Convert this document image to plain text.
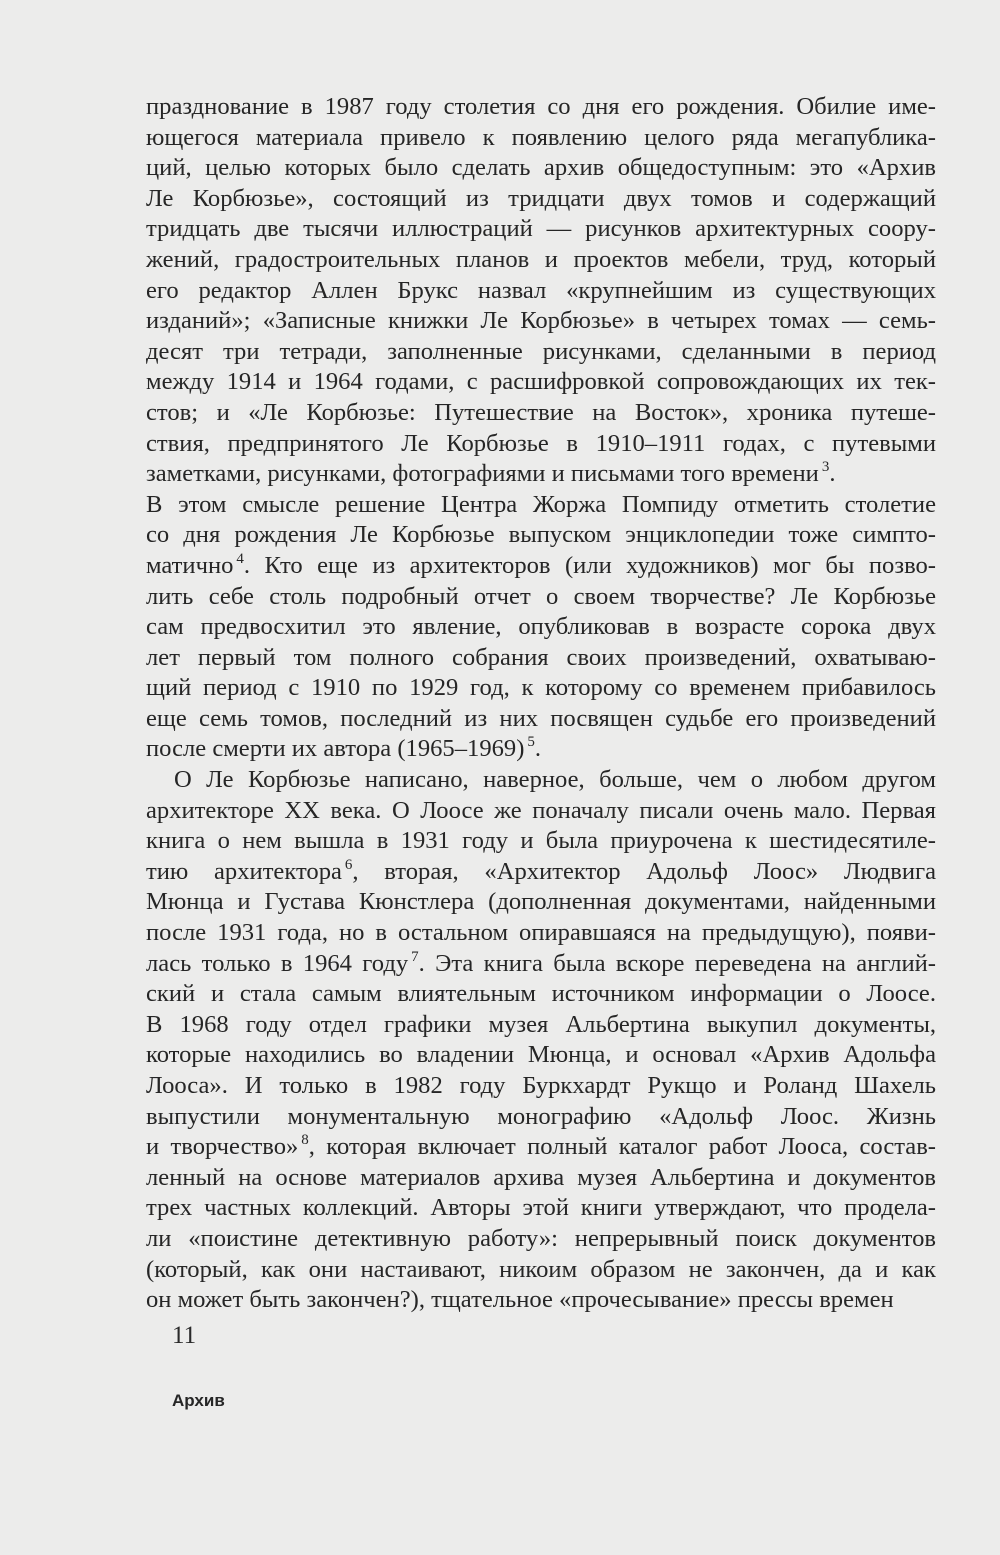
празднование в 1987 году столетия со дня его рождения. Обилие име-
ющегося материала привело к появлению целого ряда мегапублика-
ций, целью которых было сделать архив общедоступным: это «Архив
Ле Корбюзье», состоящий из тридцати двух томов и содержащий
тридцать две тысячи иллюстраций — рисунков архитектурных соору-
жений, градостроительных планов и проектов мебели, труд, который
его редактор Аллен Брукс назвал «крупнейшим из существующих
изданий»; «Записные книжки Ле Корбюзье» в четырех томах — семь-
десят три тетради, заполненные рисунками, сделанными в период
между 1914 и 1964 годами, с расшифровкой сопровождающих их тек-
стов; и «Ле Корбюзье: Путешествие на Восток», хроника путеше-
ствия, предпринятого Ле Корбюзье в 1910–1911 годах, с путевыми
заметками, рисунками, фотографиями и письмами того времени $^3$.
В этом смысле решение Центра Жоржа Помпиду отметить столетие
со дня рождения Ле Корбюзье выпуском энциклопедии тоже симпто-
матично $^4$. Кто еще из архитекторов (или художников) мог бы позво-
лить себе столь подробный отчет о своем творчестве? Ле Корбюзье
сам предвосхитил это явление, опубликовав в возрасте сорока двух
лет первый том полного собрания своих произведений, охватываю-
щий период с 1910 по 1929 год, к которому со временем прибавилось
еще семь томов, последний из них посвящен судьбе его произведений
после смерти их автора (1965–1969) $^5$.
О Ле Корбюзье написано, наверное, больше, чем о любом другом
архитекторе XX века. О Лоосе же поначалу писали очень мало. Первая
книга о нем вышла в 1931 году и была приурочена к шестидесятиле-
тию архитектора $^6$, вторая, «Архитектор Адольф Лоос» Людвига
Мюнца и Густава Кюнстлера (дополненная документами, найденными
после 1931 года, но в остальном опиравшаяся на предыдущую), появи-
лась только в 1964 году $^7$. Эта книга была вскоре переведена на англий-
ский и стала самым влиятельным источником информации о Лоосе.
В 1968 году отдел графики музея Альбертина выкупил документы,
которые находились во владении Мюнца, и основал «Архив Адольфа
Лооса». И только в 1982 году Буркхардт Рукщо и Роланд Шахель
выпустили монументальную монографию «Адольф Лоос. Жизнь
и творчество» $^8$, которая включает полный каталог работ Лооса, состав-
ленный на основе материалов архива музея Альбертина и документов
трех частных коллекций. Авторы этой книги утверждают, что проделa-
ли «поистине детективную работу»: непрерывный поиск документов
(который, как они настаивают, никоим образом не закончен, да и как
он может быть закончен?), тщательное «прочесывание» прессы времен
11
Архив
